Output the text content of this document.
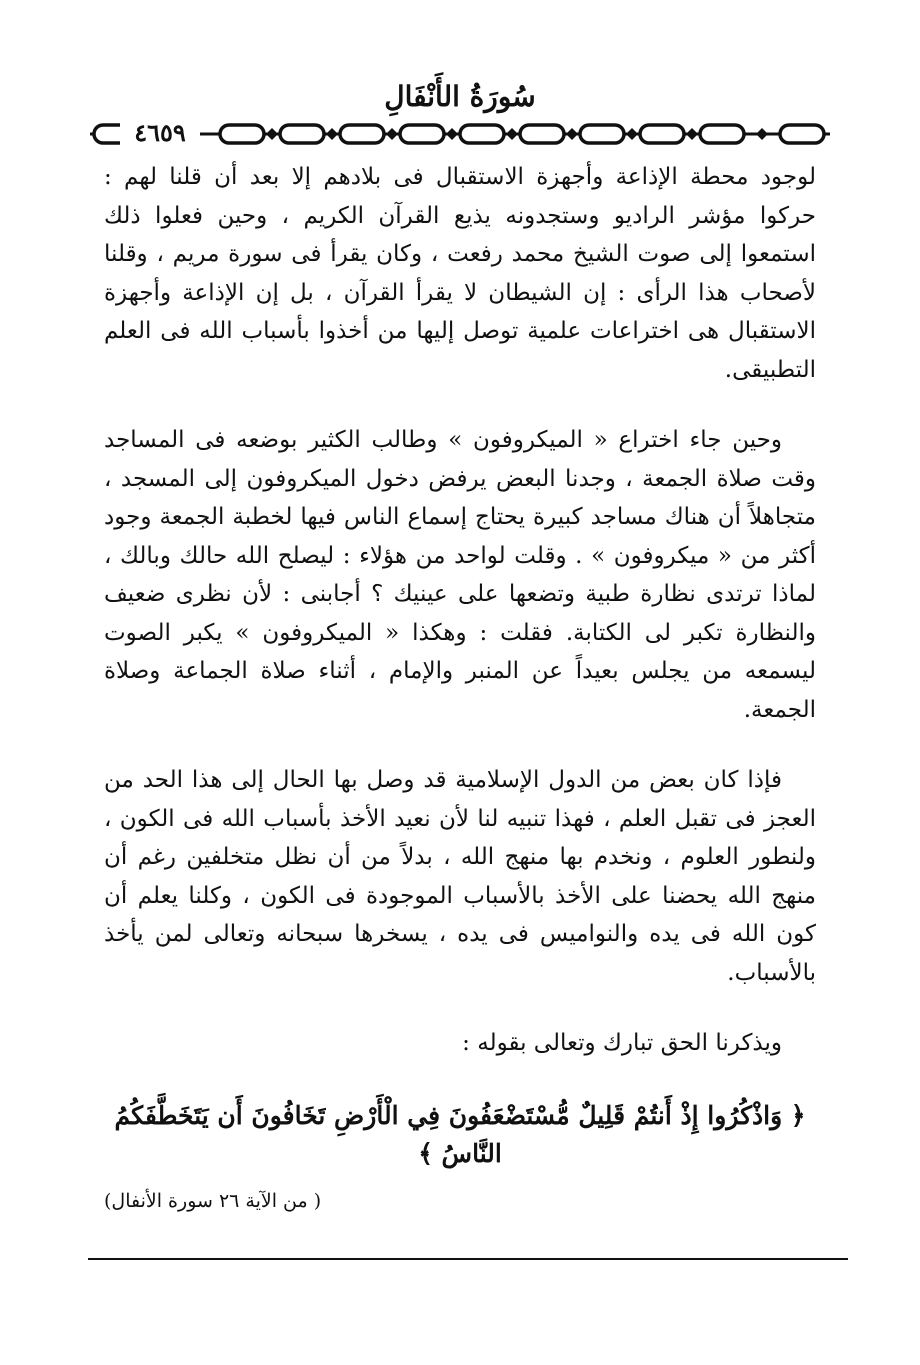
سُورَةُ الأَنْفَالِ
٤٦٥٩

لوجود محطة الإذاعة وأجهزة الاستقبال فى بلادهم إلا بعد أن قلنا لهم : حركوا مؤشر الراديو وستجدونه يذيع القرآن الكريم ، وحين فعلوا ذلك استمعوا إلى صوت الشيخ محمد رفعت ، وكان يقرأ فى سورة مريم ، وقلنا لأصحاب هذا الرأى : إن الشيطان لا يقرأ القرآن ، بل إن الإذاعة وأجهزة الاستقبال هى اختراعات علمية توصل إليها من أخذوا بأسباب الله فى العلم التطبيقى.

وحين جاء اختراع « الميكروفون » وطالب الكثير بوضعه فى المساجد وقت صلاة الجمعة ، وجدنا البعض يرفض دخول الميكروفون إلى المسجد ، متجاهلاً أن هناك مساجد كبيرة يحتاج إسماع الناس فيها لخطبة الجمعة وجود أكثر من « ميكروفون » . وقلت لواحد من هؤلاء : ليصلح الله حالك وبالك ، لماذا ترتدى نظارة طبية وتضعها على عينيك ؟ أجابنى : لأن نظرى ضعيف والنظارة تكبر لى الكتابة. فقلت : وهكذا « الميكروفون » يكبر الصوت ليسمعه من يجلس بعيداً عن المنبر والإمام ، أثناء صلاة الجماعة وصلاة الجمعة.

فإذا كان بعض من الدول الإسلامية قد وصل بها الحال إلى هذا الحد من العجز فى تقبل العلم ، فهذا تنبيه لنا لأن نعيد الأخذ بأسباب الله فى الكون ، ولنطور العلوم ، ونخدم بها منهج الله ، بدلاً من أن نظل متخلفين رغم أن منهج الله يحضنا على الأخذ بالأسباب الموجودة فى الكون ، وكلنا يعلم أن كون الله فى يده والنواميس فى يده ، يسخرها سبحانه وتعالى لمن يأخذ بالأسباب.

ويذكرنا الحق تبارك وتعالى بقوله :

﴿ وَاذْكُرُوا إِذْ أَنتُمْ قَلِيلٌ مُّسْتَضْعَفُونَ فِي الْأَرْضِ تَخَافُونَ أَن يَتَخَطَّفَكُمُ النَّاسُ ﴾

( من الآية ٢٦ سورة الأنفال)
